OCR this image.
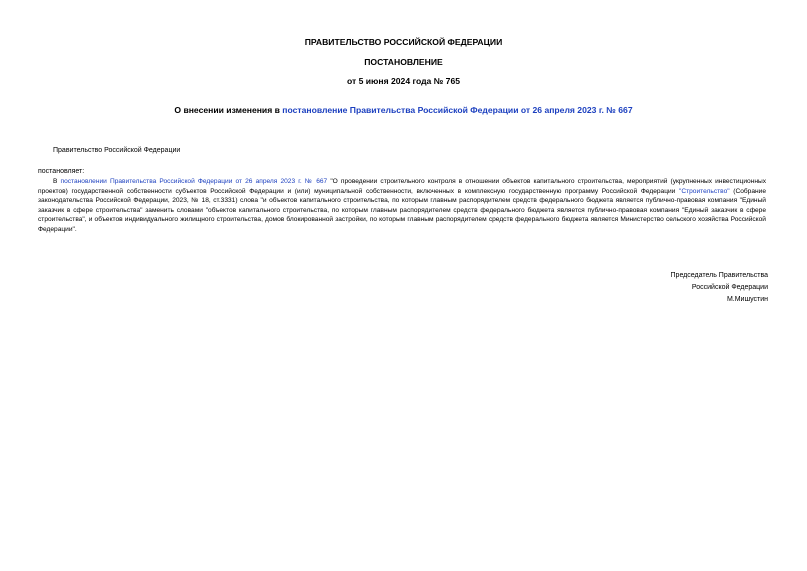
ПРАВИТЕЛЬСТВО РОССИЙСКОЙ ФЕДЕРАЦИИ
ПОСТАНОВЛЕНИЕ
от 5 июня 2024 года № 765
О внесении изменения в постановление Правительства Российской Федерации от 26 апреля 2023 г. № 667
Правительство Российской Федерации
постановляет:
В постановлении Правительства Российской Федерации от 26 апреля 2023 г. № 667 "О проведении строительного контроля в отношении объектов капитального строительства, мероприятий (укрупненных инвестиционных проектов) государственной собственности субъектов Российской Федерации и (или) муниципальной собственности, включенных в комплексную государственную программу Российской Федерации "Строительство" (Собрание законодательства Российской Федерации, 2023, № 18, ст.3331) слова "и объектов капитального строительства, по которым главным распорядителем средств федерального бюджета является публично-правовая компания "Единый заказчик в сфере строительства" заменить словами "объектов капитального строительства, по которым главным распорядителем средств федерального бюджета является публично-правовая компания "Единый заказчик в сфере строительства", и объектов индивидуального жилищного строительства, домов блокированной застройки, по которым главным распорядителем средств федерального бюджета является Министерство сельского хозяйства Российской Федерации".
Председатель Правительства
Российской Федерации
М.Мишустин
